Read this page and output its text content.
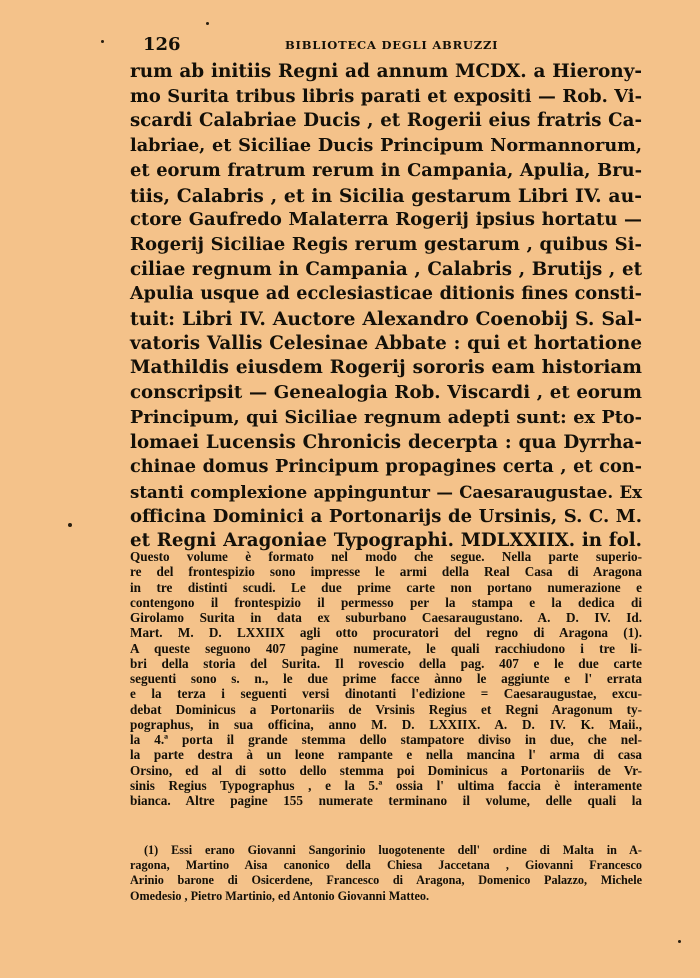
126	BIBLIOTECA DEGLI ABRUZZI
rum ab initiis Regni ad annum MCDX. a Hierony-
mo Surita tribus libris parati et expositi — Rob. Vi-
scardi Calabriae Ducis , et Rogerii eius fratris Ca-
labriae, et Siciliae Ducis Principum Normannorum,
et eorum fratrum rerum in Campania, Apulia, Bru-
tiis, Calabris , et in Sicilia gestarum Libri IV. au-
ctore Gaufredo Malaterra Rogerij ipsius hortatu —
Rogerij Siciliae Regis rerum gestarum , quibus Si-
ciliae regnum in Campania , Calabris , Brutijs , et
Apulia usque ad ecclesiasticae ditionis fines consti-
tuit: Libri IV. Auctore Alexandro Coenobij S. Sal-
vatoris Vallis Celesinae Abbate : qui et hortatione
Mathildis eiusdem Rogerij sororis eam historiam
conscripsit — Genealogia Rob. Viscardi , et eorum
Principum, qui Siciliae regnum adepti sunt: ex Pto-
lomaei Lucensis Chronicis decerpta : qua Dyrrha-
chinae domus Principum propagines certa , et con-
stanti complexione appinguntur — Caesaraugustae. Ex
officina Dominici a Portonarijs de Ursinis, S. C. M.
et Regni Aragoniae Typographi. MDLXXIIX. in fol.
Questo volume è formato nel modo che segue. Nella parte superio-
re del frontespizio sono impresse le armi della Real Casa di Aragona
in tre distinti scudi. Le due prime carte non portano numerazione e
contengono il frontespizio il permesso per la stampa e la dedica di
Girolamo Surita in data ex suburbano Caesaraugustano. A. D. IV. Id.
Mart. M. D. LXXIIX agli otto procuratori del regno di Aragona (1).
A queste seguono 407 pagine numerate, le quali racchiudono i tre li-
bri della storia del Surita. Il rovescio della pag. 407 e le due carte
seguenti sono s. n., le due prime facce ànno le aggiunte e l' errata
e la terza i seguenti versi dinotanti l'edizione = Caesaraugustae, excu-
debat Dominicus a Portonariis de Vrsinis Regius et Regni Aragonum ty-
pographus, in sua officina, anno M. D. LXXIIX. A. D. IV. K. Maii.,
la 4.ª porta il grande stemma dello stampatore diviso in due, che nel-
la parte destra à un leone rampante e nella mancina l' arma di casa
Orsino, ed al di sotto dello stemma poi Dominicus a Portonariis de Vr-
sinis Regius Typographus , e la 5.ª ossia l' ultima faccia è interamente
bianca. Altre pagine 155 numerate terminano il volume, delle quali la
(1) Essi erano Giovanni Sangorinio luogotenente dell' ordine di Malta in A-
ragona, Martino Aisa canonico della Chiesa Jaccetana , Giovanni Francesco
Arinio barone di Osicerdene, Francesco di Aragona, Domenico Palazzo, Michele
Omedesio , Pietro Martinio, ed Antonio Giovanni Matteo.
